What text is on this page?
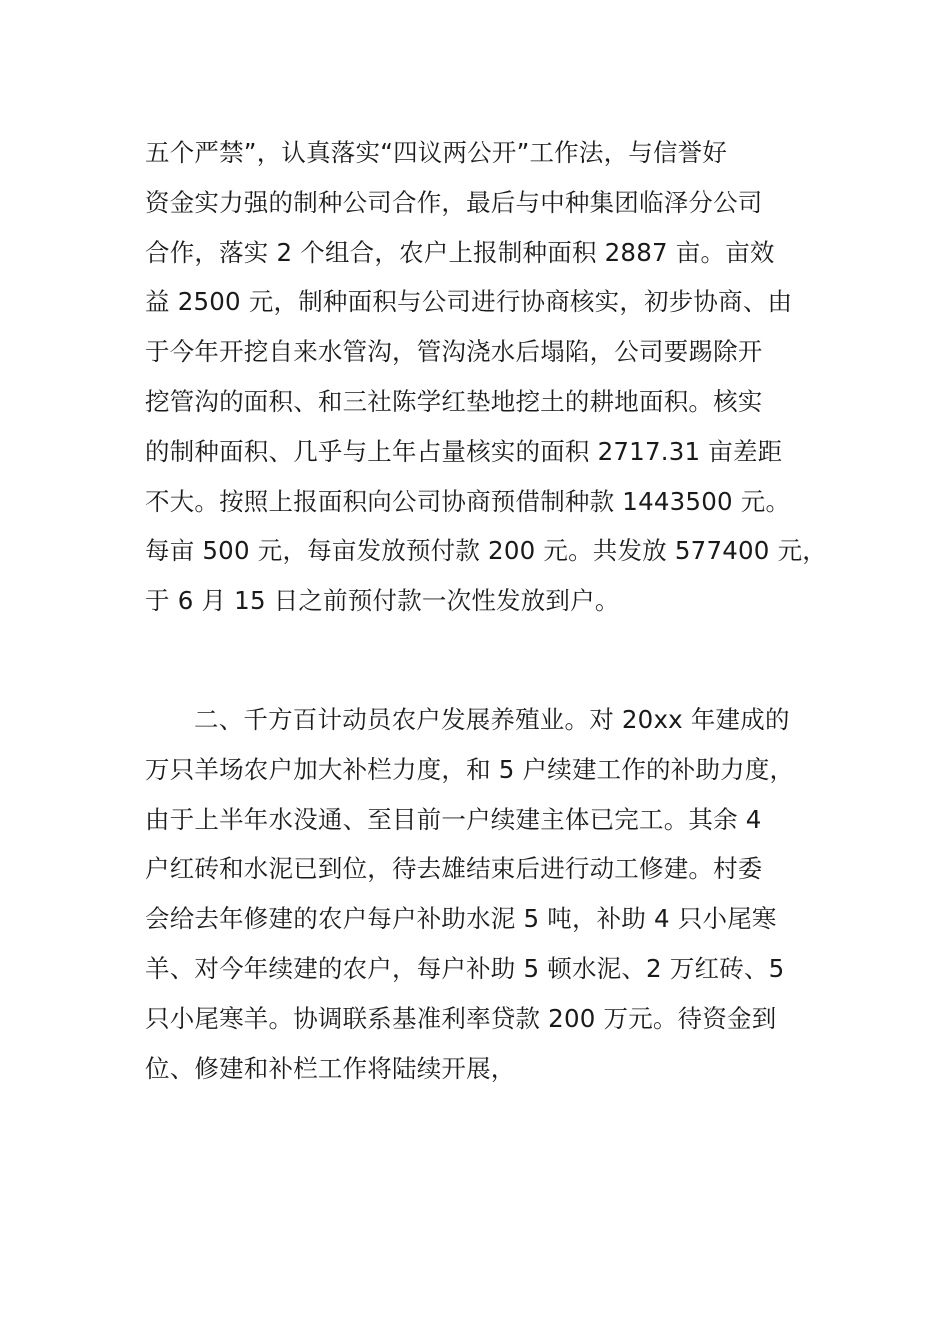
五个严禁”，认真落实“四议两公开”工作法，与信誉好
资金实力强的制种公司合作，最后与中种集团临泽分公司
合作，落实 2 个组合，农户上报制种面积 2887 亩。亩效
益 2500 元，制种面积与公司进行协商核实，初步协商、由
于今年开挖自来水管沟，管沟浇水后塌陷，公司要踢除开
挖管沟的面积、和三社陈学红垫地挖土的耕地面积。核实
的制种面积、几乎与上年占量核实的面积 2717.31 亩差距
不大。按照上报面积向公司协商预借制种款 1443500 元。
每亩 500 元，每亩发放预付款 200 元。共发放 577400 元，
于 6 月 15 日之前预付款一次性发放到户。
二、千方百计动员农户发展养殖业。对 20xx 年建成的
万只羊场农户加大补栏力度，和 5 户续建工作的补助力度，
由于上半年水没通、至目前一户续建主体已完工。其余 4
户红砖和水泥已到位，待去雄结束后进行动工修建。村委
会给去年修建的农户每户补助水泥 5 吨，补助 4 只小尾寒
羊、对今年续建的农户，每户补助 5 顿水泥、2 万红砖、5
只小尾寒羊。协调联系基准利率贷款 200 万元。待资金到
位、修建和补栏工作将陆续开展，
